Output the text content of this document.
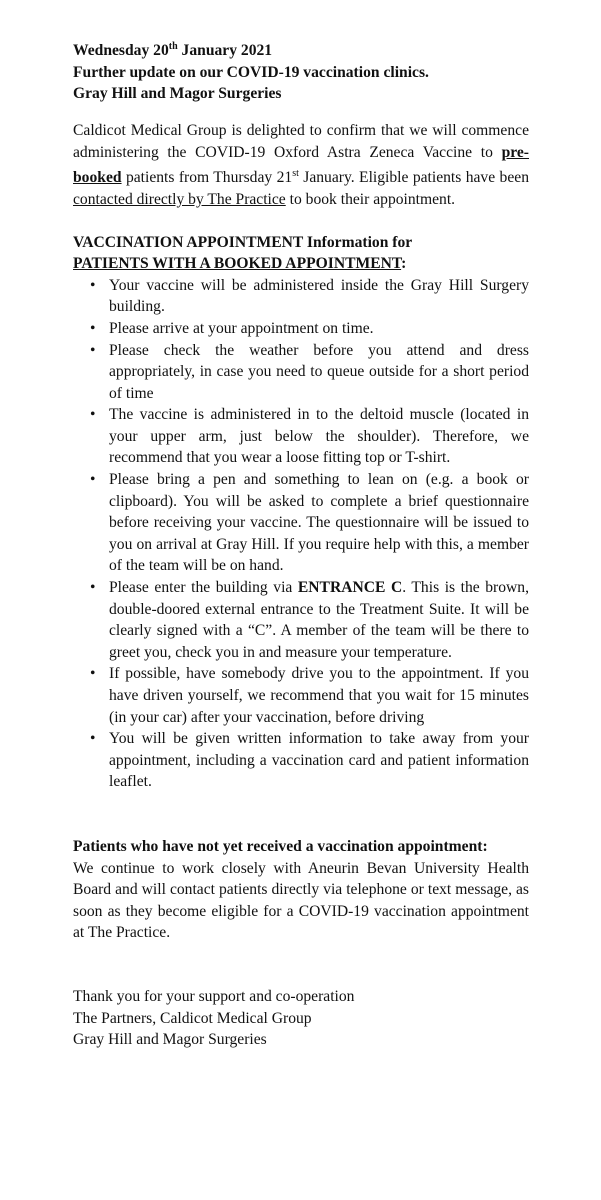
Wednesday 20th January 2021

Further update on our COVID-19 vaccination clinics.

Gray Hill and Magor Surgeries

Caldicot Medical Group is delighted to confirm that we will commence administering the COVID-19 Oxford Astra Zeneca Vaccine to pre-booked patients from Thursday 21st January. Eligible patients have been contacted directly by The Practice to book their appointment.

VACCINATION APPOINTMENT Information for

PATIENTS WITH A BOOKED APPOINTMENT:

• Your vaccine will be administered inside the Gray Hill Surgery building.
• Please arrive at your appointment on time.
• Please check the weather before you attend and dress appropriately, in case you need to queue outside for a short period of time
• The vaccine is administered in to the deltoid muscle (located in your upper arm, just below the shoulder). Therefore, we recommend that you wear a loose fitting top or T-shirt.
• Please bring a pen and something to lean on (e.g. a book or clipboard). You will be asked to complete a brief questionnaire before receiving your vaccine. The questionnaire will be issued to you on arrival at Gray Hill. If you require help with this, a member of the team will be on hand.
• Please enter the building via ENTRANCE C. This is the brown, double-doored external entrance to the Treatment Suite. It will be clearly signed with a “C”. A member of the team will be there to greet you, check you in and measure your temperature.
• If possible, have somebody drive you to the appointment. If you have driven yourself, we recommend that you wait for 15 minutes (in your car) after your vaccination, before driving
• You will be given written information to take away from your appointment, including a vaccination card and patient information leaflet.

Patients who have not yet received a vaccination appointment:

We continue to work closely with Aneurin Bevan University Health Board and will contact patients directly via telephone or text message, as soon as they become eligible for a COVID-19 vaccination appointment at The Practice.

Thank you for your support and co-operation

The Partners, Caldicot Medical Group

Gray Hill and Magor Surgeries
